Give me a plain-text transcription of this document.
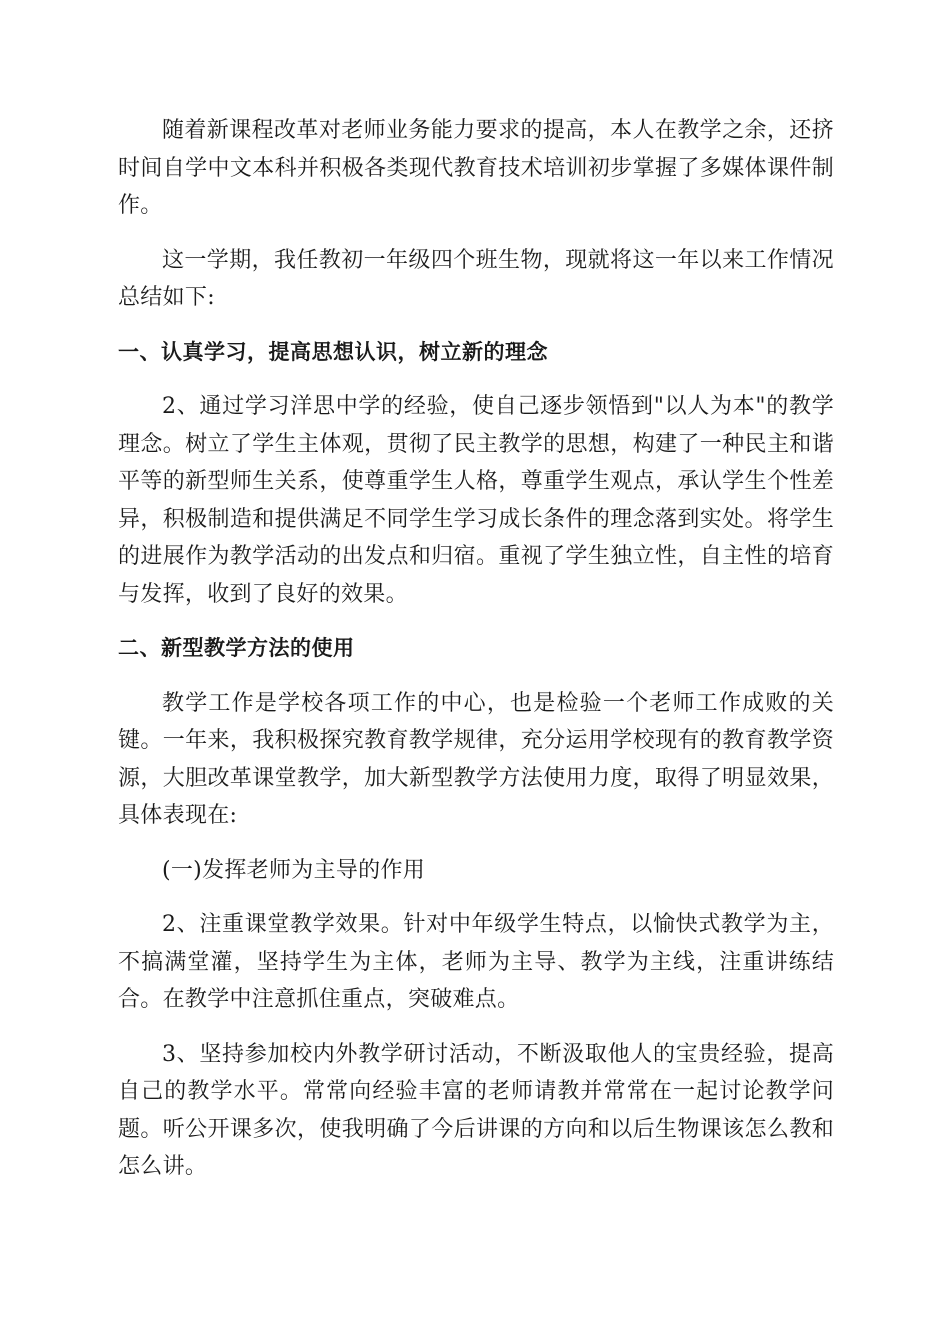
随着新课程改革对老师业务能力要求的提高，本人在教学之余，还挤时间自学中文本科并积极各类现代教育技术培训初步掌握了多媒体课件制作。

这一学期，我任教初一年级四个班生物，现就将这一年以来工作情况总结如下:

一、认真学习，提高思想认识，树立新的理念

2、通过学习洋思中学的经验，使自己逐步领悟到"以人为本"的教学理念。树立了学生主体观，贯彻了民主教学的思想，构建了一种民主和谐平等的新型师生关系，使尊重学生人格，尊重学生观点，承认学生个性差异，积极制造和提供满足不同学生学习成长条件的理念落到实处。将学生的进展作为教学活动的出发点和归宿。重视了学生独立性，自主性的培育与发挥，收到了良好的效果。

二、新型教学方法的使用

教学工作是学校各项工作的中心，也是检验一个老师工作成败的关键。一年来，我积极探究教育教学规律，充分运用学校现有的教育教学资源，大胆改革课堂教学，加大新型教学方法使用力度，取得了明显效果，具体表现在:

(一)发挥老师为主导的作用

2、注重课堂教学效果。针对中年级学生特点，以愉快式教学为主，不搞满堂灌，坚持学生为主体，老师为主导、教学为主线，注重讲练结合。在教学中注意抓住重点，突破难点。

3、坚持参加校内外教学研讨活动，不断汲取他人的宝贵经验，提高自己的教学水平。常常向经验丰富的老师请教并常常在一起讨论教学问题。听公开课多次，使我明确了今后讲课的方向和以后生物课该怎么教和怎么讲。
